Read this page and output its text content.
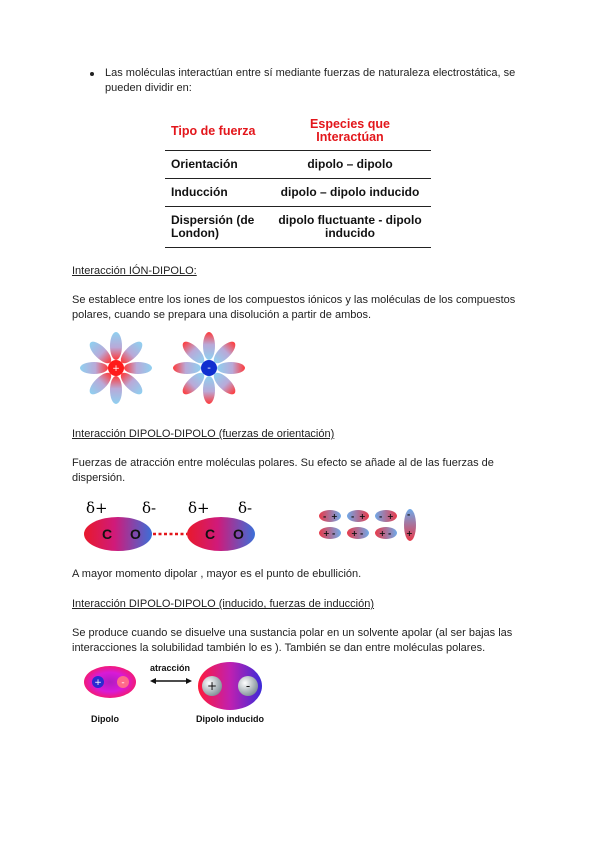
Las moléculas interactúan entre sí mediante fuerzas de naturaleza electrostática, se pueden dividir en:
Tipo de fuerza	Especies que Interactúan
Orientación	dipolo – dipolo
Inducción	dipolo – dipolo inducido
Dispersión (de London)	dipolo fluctuante - dipolo inducido
Interacción IÓN-DIPOLO:
Se establece entre los iones de los compuestos iónicos y las moléculas de los compuestos polares, cuando se prepara una disolución a partir de ambos.
+	-
Interacción DIPOLO-DIPOLO (fuerzas de orientación)
Fuerzas de atracción entre moléculas polares. Su efecto se añade al de las fuerzas de dispersión.
δ+ δ- δ+ δ-
C O	C O
- + - + - +
+ - + - + -
-
+
A mayor momento dipolar , mayor es el punto de ebullición.
Interacción DIPOLO-DIPOLO (inducido, fuerzas de inducción)
Se produce cuando se disuelve una sustancia polar en un solvente apolar (al ser bajas las interacciones la solubilidad también lo es ). También se dan entre moléculas polares.
+ -
atracción
+ -
Dipolo	Dipolo inducido
